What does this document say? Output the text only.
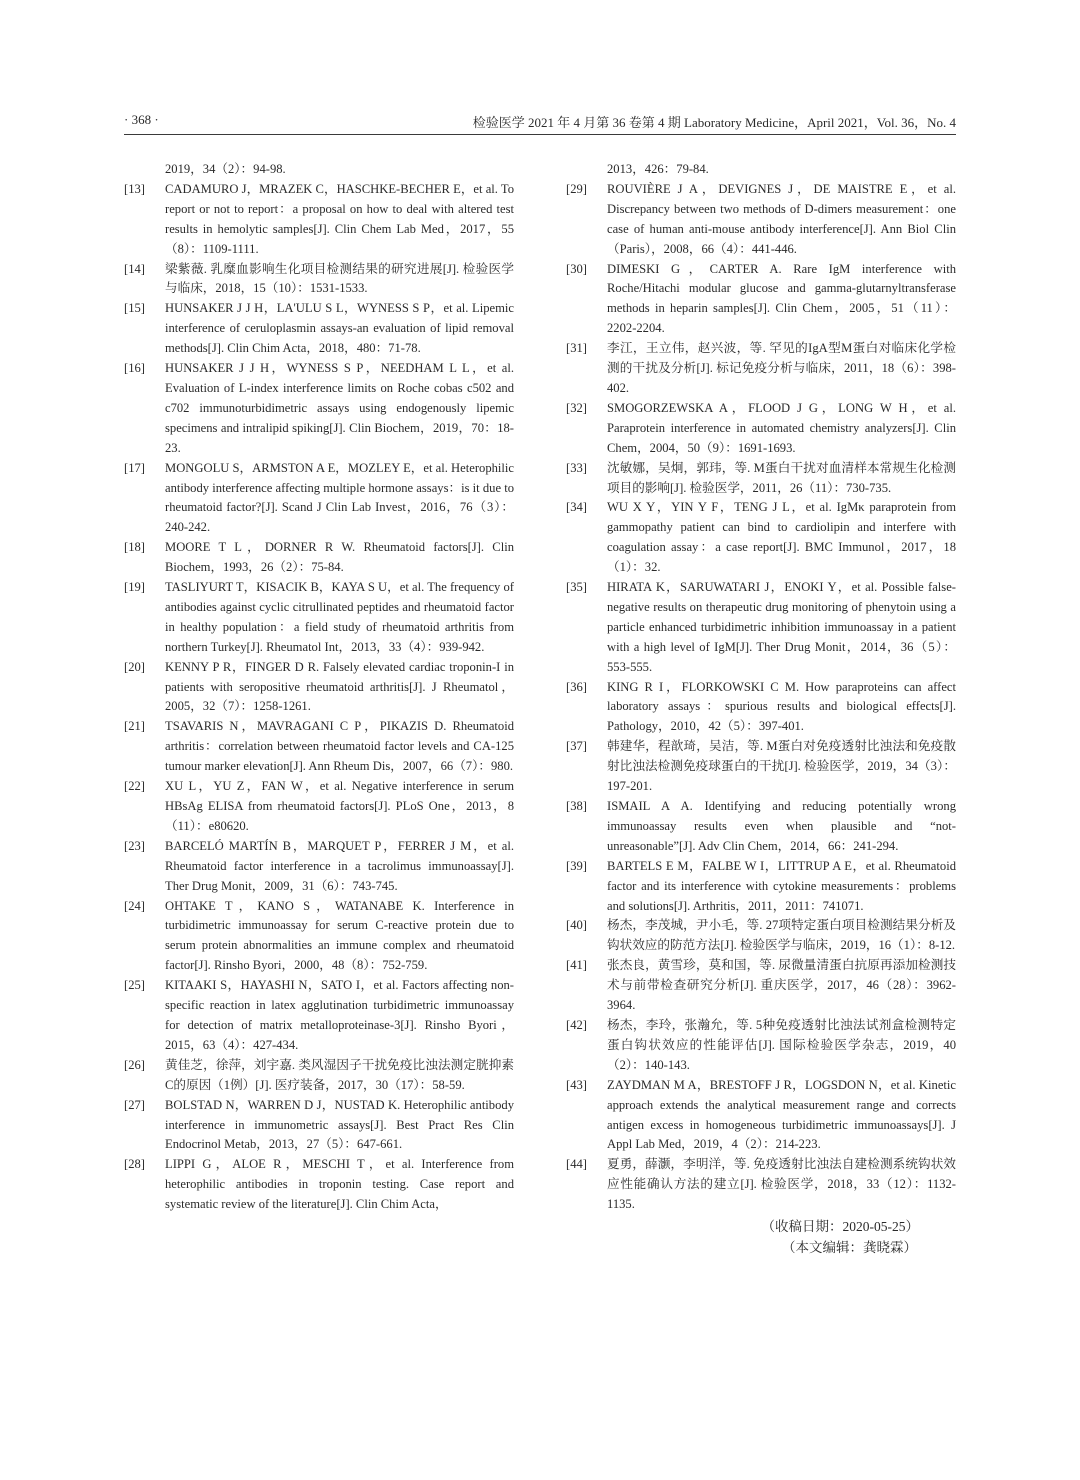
· 368 ·	检验医学 2021 年 4 月第 36 卷第 4 期 Laboratory Medicine，April 2021，Vol. 36，No. 4
2019，34（2）：94-98.
[13]	CADAMURO J，MRAZEK C，HASCHKE-BECHER E，et al. To report or not to report：a proposal on how to deal with altered test results in hemolytic samples[J]. Clin Chem Lab Med，2017，55（8）：1109-1111.
[14]	梁紫薇. 乳糜血影响生化项目检测结果的研究进展[J]. 检验医学与临床，2018，15（10）：1531-1533.
[15]	HUNSAKER J J H，LA'ULU S L，WYNESS S P，et al. Lipemic interference of ceruloplasmin assays-an evaluation of lipid removal methods[J]. Clin Chim Acta，2018，480：71-78.
[16]	HUNSAKER J J H，WYNESS S P，NEEDHAM L L，et al. Evaluation of L-index interference limits on Roche cobas c502 and c702 immunoturbidimetric assays using endogenously lipemic specimens and intralipid spiking[J]. Clin Biochem，2019，70：18-23.
[17]	MONGOLU S，ARMSTON A E，MOZLEY E，et al. Heterophilic antibody interference affecting multiple hormone assays：is it due to rheumatoid factor?[J]. Scand J Clin Lab Invest，2016，76（3）：240-242.
[18]	MOORE T L，DORNER R W. Rheumatoid factors[J]. Clin Biochem，1993，26（2）：75-84.
[19]	TASLIYURT T，KISACIK B，KAYA S U，et al. The frequency of antibodies against cyclic citrullinated peptides and rheumatoid factor in healthy population：a field study of rheumatoid arthritis from northern Turkey[J]. Rheumatol Int，2013，33（4）：939-942.
[20]	KENNY P R，FINGER D R. Falsely elevated cardiac troponin-I in patients with seropositive rheumatoid arthritis[J]. J Rheumatol，2005，32（7）：1258-1261.
[21]	TSAVARIS N，MAVRAGANI C P，PIKAZIS D. Rheumatoid arthritis：correlation between rheumatoid factor levels and CA-125 tumour marker elevation[J]. Ann Rheum Dis，2007，66（7）：980.
[22]	XU L，YU Z，FAN W，et al. Negative interference in serum HBsAg ELISA from rheumatoid factors[J]. PLoS One，2013，8（11）：e80620.
[23]	BARCELÓ MARTÍN B，MARQUET P，FERRER J M，et al. Rheumatoid factor interference in a tacrolimus immunoassay[J]. Ther Drug Monit，2009，31（6）：743-745.
[24]	OHTAKE T，KANO S，WATANABE K. Interference in turbidimetric immunoassay for serum C-reactive protein due to serum protein abnormalities an immune complex and rheumatoid factor[J]. Rinsho Byori，2000，48（8）：752-759.
[25]	KITAAKI S，HAYASHI N，SATO I，et al. Factors affecting non-specific reaction in latex agglutination turbidimetric immunoassay for detection of matrix metalloproteinase-3[J]. Rinsho Byori，2015，63（4）：427-434.
[26]	黄佳芝，徐萍，刘宇嘉. 类风湿因子干扰免疫比浊法测定胱抑素C的原因（1例）[J]. 医疗装备，2017，30（17）：58-59.
[27]	BOLSTAD N，WARREN D J，NUSTAD K. Heterophilic antibody interference in immunometric assays[J]. Best Pract Res Clin Endocrinol Metab，2013，27（5）：647-661.
[28]	LIPPI G，ALOE R，MESCHI T，et al. Interference from heterophilic antibodies in troponin testing. Case report and systematic review of the literature[J]. Clin Chim Acta，
2013，426：79-84.
[29]	ROUVIÈRE J A，DEVIGNES J，DE MAISTRE E，et al. Discrepancy between two methods of D-dimers measurement：one case of human anti-mouse antibody interference[J]. Ann Biol Clin（Paris），2008，66（4）：441-446.
[30]	DIMESKI G，CARTER A. Rare IgM interference with Roche/Hitachi modular glucose and gamma-glutarnyltransferase methods in heparin samples[J]. Clin Chem，2005，51（11）：2202-2204.
[31]	李江，王立伟，赵兴波，等. 罕见的IgA型M蛋白对临床化学检测的干扰及分析[J]. 标记免疫分析与临床，2011，18（6）：398-402.
[32]	SMOGORZEWSKA A，FLOOD J G，LONG W H，et al. Paraprotein interference in automated chemistry analyzers[J]. Clin Chem，2004，50（9）：1691-1693.
[33]	沈敏娜，吴炯，郭玮，等. M蛋白干扰对血清样本常规生化检测项目的影响[J]. 检验医学，2011，26（11）：730-735.
[34]	WU X Y，YIN Y F，TENG J L，et al. IgMκ paraprotein from gammopathy patient can bind to cardiolipin and interfere with coagulation assay：a case report[J]. BMC Immunol，2017，18（1）：32.
[35]	HIRATA K，SARUWATARI J，ENOKI Y，et al. Possible false-negative results on therapeutic drug monitoring of phenytoin using a particle enhanced turbidimetric inhibition immunoassay in a patient with a high level of IgM[J]. Ther Drug Monit，2014，36（5）：553-555.
[36]	KING R I，FLORKOWSKI C M. How paraproteins can affect laboratory assays：spurious results and biological effects[J]. Pathology，2010，42（5）：397-401.
[37]	韩建华，程歆琦，吴洁，等. M蛋白对免疫透射比浊法和免疫散射比浊法检测免疫球蛋白的干扰[J]. 检验医学，2019，34（3）：197-201.
[38]	ISMAIL A A. Identifying and reducing potentially wrong immunoassay results even when plausible and “not-unreasonable”[J]. Adv Clin Chem，2014，66：241-294.
[39]	BARTELS E M，FALBE W I，LITTRUP A E，et al. Rheumatoid factor and its interference with cytokine measurements：problems and solutions[J]. Arthritis，2011，2011：741071.
[40]	杨杰，李茂城，尹小毛，等. 27项特定蛋白项目检测结果分析及钩状效应的防范方法[J]. 检验医学与临床，2019，16（1）：8-12.
[41]	张杰良，黄雪珍，莫和国，等. 尿微量清蛋白抗原再添加检测技术与前带检查研究分析[J]. 重庆医学，2017，46（28）：3962-3964.
[42]	杨杰，李玲，张瀚允，等. 5种免疫透射比浊法试剂盒检测特定蛋白钩状效应的性能评估[J]. 国际检验医学杂志，2019，40（2）：140-143.
[43]	ZAYDMAN M A，BRESTOFF J R，LOGSDON N，et al. Kinetic approach extends the analytical measurement range and corrects antigen excess in homogeneous turbidimetric immunoassays[J]. J Appl Lab Med，2019，4（2）：214-223.
[44]	夏勇，薛灏，李明洋，等. 免疫透射比浊法自建检测系统钩状效应性能确认方法的建立[J]. 检验医学，2018，33（12）：1132-1135.
（收稿日期：2020-05-25）
（本文编辑：龚晓霖）
